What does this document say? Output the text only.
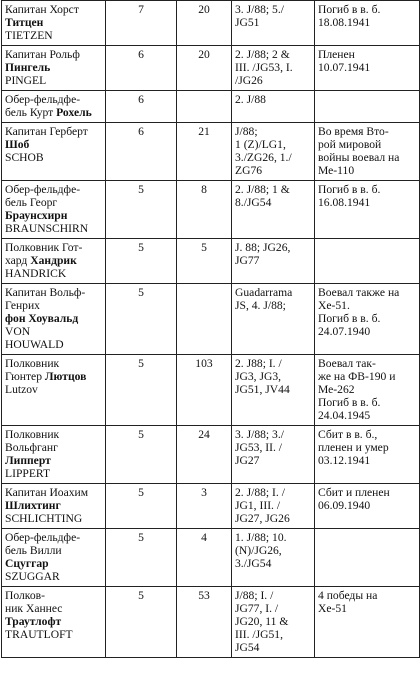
Капитан Хорст
Титцен
TIETZEN	7	20	3. J/88; 5./
JG51	Погиб в в. б.
18.08.1941

Капитан Рольф
Пингель
PINGEL	6	20	2. J/88; 2 &
III. /JG53, I.
/JG26	Пленен
10.07.1941

Обер-фельдфе-
бель Курт Рохель	6		2. J/88	

Капитан Герберт
Шоб
SCHOB	6	21	J/88;
1 (Z)/LG1,
3./ZG26, 1./
ZG76	Во время Вто-
рой мировой
войны воевал на
Ме-110

Обер-фельдфе-
бель Георг
Браунсхирн
BRAUNSCHIRN	5	8	2. J/88; 1 &
8./JG54	Погиб в в. б.
16.08.1941

Полковник Гот-
хард Хандрик
HANDRICK	5	5	J. 88; JG26,
JG77	

Капитан Вольф-
Генрих
фон Хоувальд
VON
HOUWALD	5		Guadarrama
JS, 4. J/88;	Воевал также на
Хе-51.
Погиб в в. б.
24.07.1940

Полковник
Гюнтер Лютцов
Lutzov	5	103	2. J88; I. /
JG3, JG3,
JG51, JV44	Воевал так-
же на ФВ-190 и
Ме-262
Погиб в в. б.
24.04.1945

Полковник
Вольфганг
Липперт
LIPPERT	5	24	3. J/88; 3./
JG53, II. /
JG27	Сбит в в. б.,
пленен и умер
03.12.1941

Капитан Иоахим
Шлихтинг
SCHLICHTING	5	3	2. J/88; I. /
JG1, III. /
JG27, JG26	Сбит и пленен
06.09.1940

Обер-фельдфе-
бель Вилли
Сцуггар
SZUGGAR	5	4	1. J/88; 10.
(N)/JG26,
3./JG54	

Полков-
ник Ханнес
Траутлофт
TRAUTLOFT	5	53	J/88; I. /
JG77, I. /
JG20, 11 &
III. /JG51,
JG54	4 победы на
Хе-51
